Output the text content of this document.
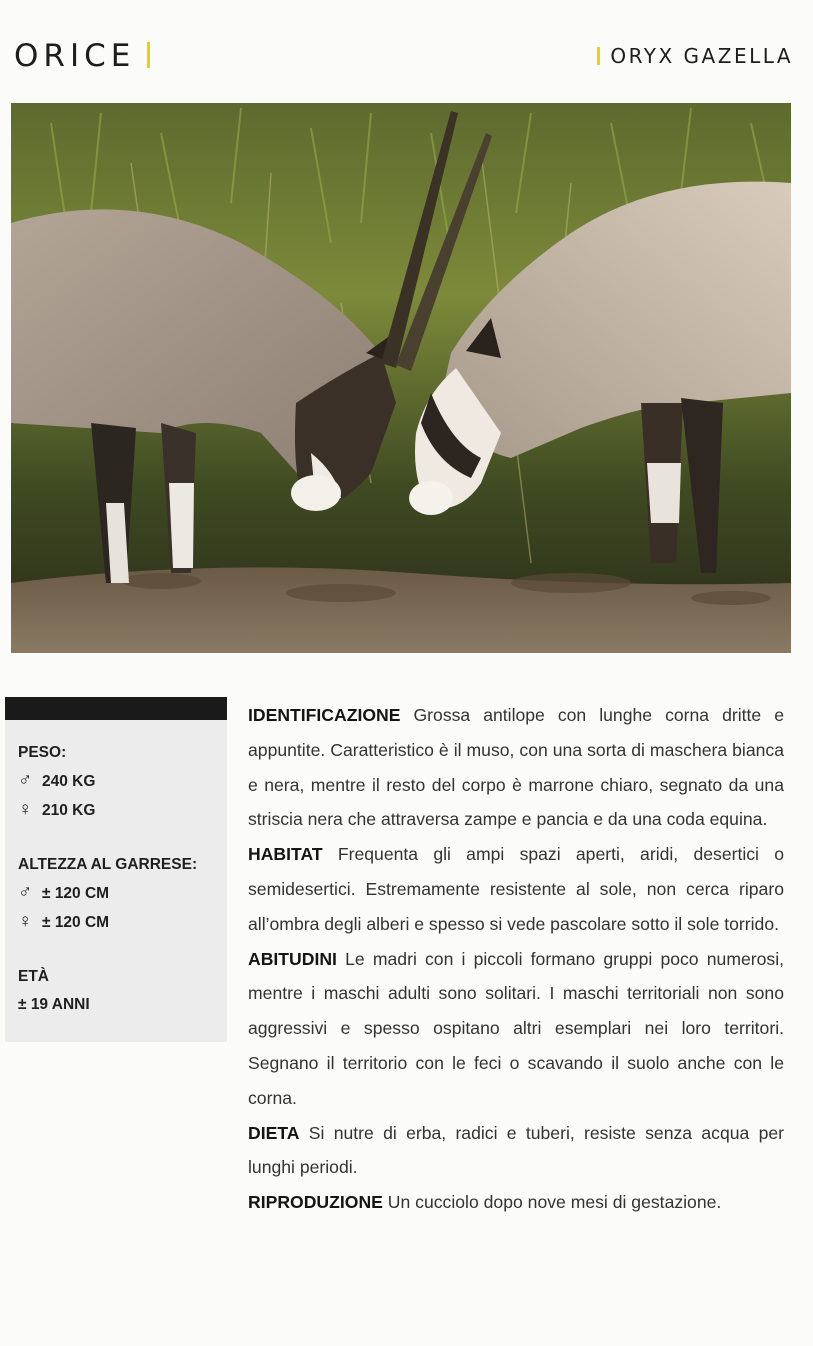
ORICE	ORYX GAZELLA
PESO:
♂ 240 KG
♀ 210 KG
ALTEZZA AL GARRESE:
♂ ± 120 CM
♀ ± 120 CM
ETÀ
± 19 ANNI

IDENTIFICAZIONE Grossa antilope con lunghe corna dritte e appuntite. Caratteristico è il muso, con una sorta di maschera bianca e nera, mentre il resto del corpo è marrone chiaro, segnato da una striscia nera che attraversa zampe e pancia e da una coda equina.

HABITAT Frequenta gli ampi spazi aperti, aridi, desertici o semidesertici. Estremamente resistente al sole, non cerca riparo all’ombra degli alberi e spesso si vede pascolare sotto il sole torrido.

ABITUDINI Le madri con i piccoli formano gruppi poco numerosi, mentre i maschi adulti sono solitari. I maschi territoriali non sono aggressivi e spesso ospitano altri esemplari nei loro territori. Segnano il territorio con le feci o scavando il suolo anche con le corna.

DIETA Si nutre di erba, radici e tuberi, resiste senza acqua per lunghi periodi.

RIPRODUZIONE Un cucciolo dopo nove mesi di gestazione.
